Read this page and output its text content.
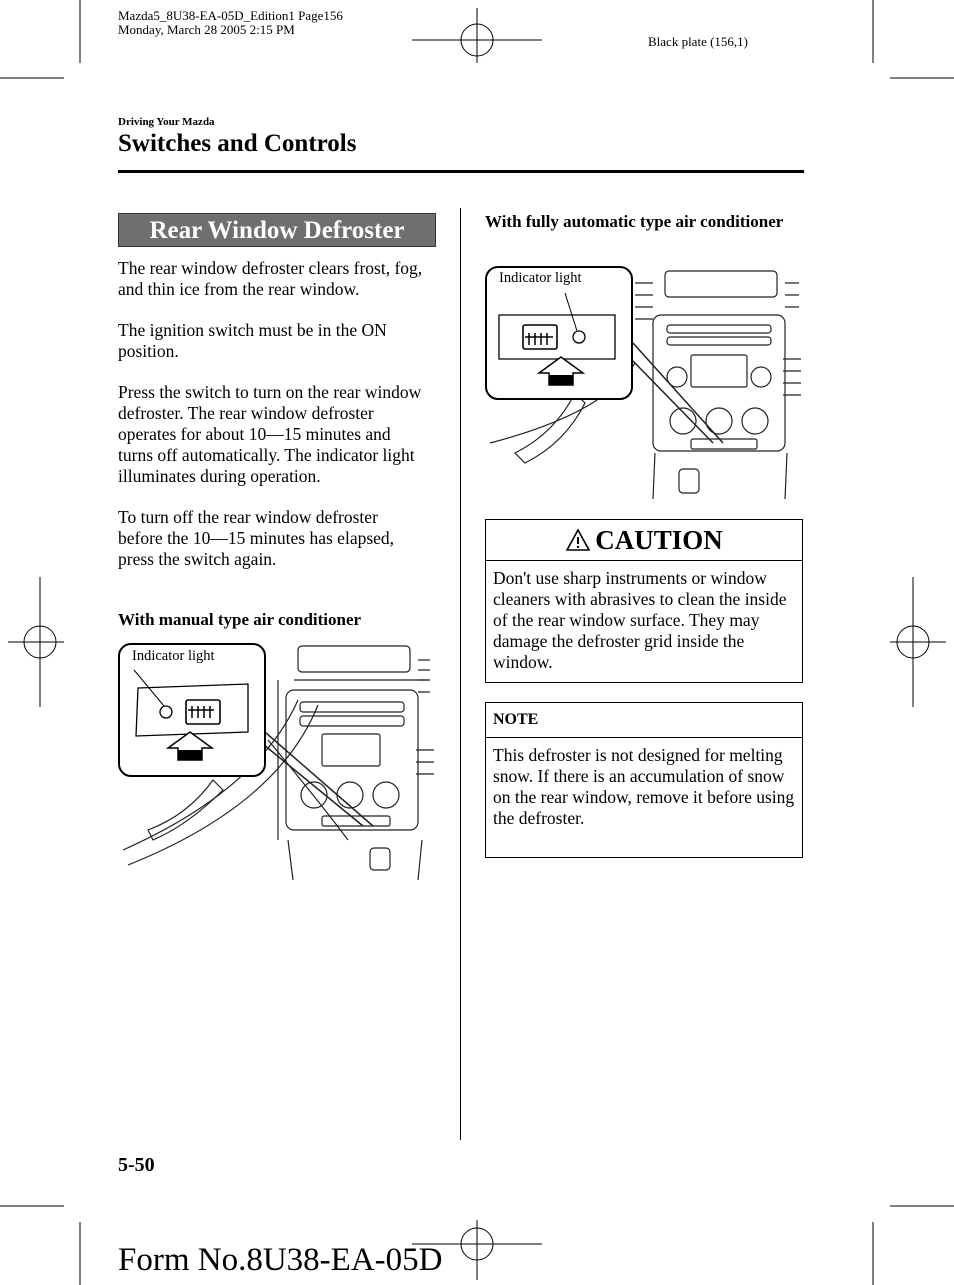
Mazda5_8U38-EA-05D_Edition1 Page156
Monday, March 28 2005 2:15 PM
Black plate (156,1)
Driving Your Mazda
Switches and Controls
Rear Window Defroster

The rear window defroster clears frost, fog, and thin ice from the rear window.

The ignition switch must be in the ON position.

Press the switch to turn on the rear window defroster. The rear window defroster operates for about 10―15 minutes and turns off automatically. The indicator light illuminates during operation.

To turn off the rear window defroster before the 10―15 minutes has elapsed, press the switch again.

With manual type air conditioner
Indicator light
With fully automatic type air conditioner
Indicator light
CAUTION
Don't use sharp instruments or window cleaners with abrasives to clean the inside of the rear window surface. They may damage the defroster grid inside the window.
NOTE
This defroster is not designed for melting snow. If there is an accumulation of snow on the rear window, remove it before using the defroster.
5-50
Form No.8U38-EA-05D
